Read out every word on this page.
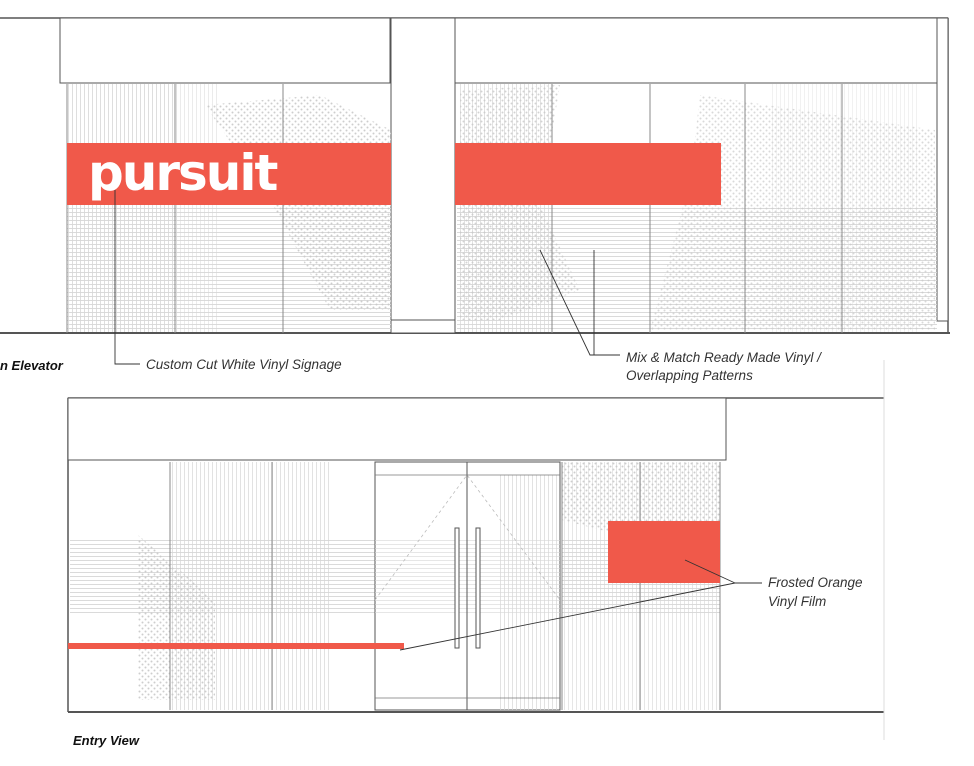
pursuit
n Elevator
Entry View
Custom Cut White Vinyl Signage	Mix & Match Ready Made Vinyl /
Overlapping Patterns
Frosted Orange
Vinyl Film
